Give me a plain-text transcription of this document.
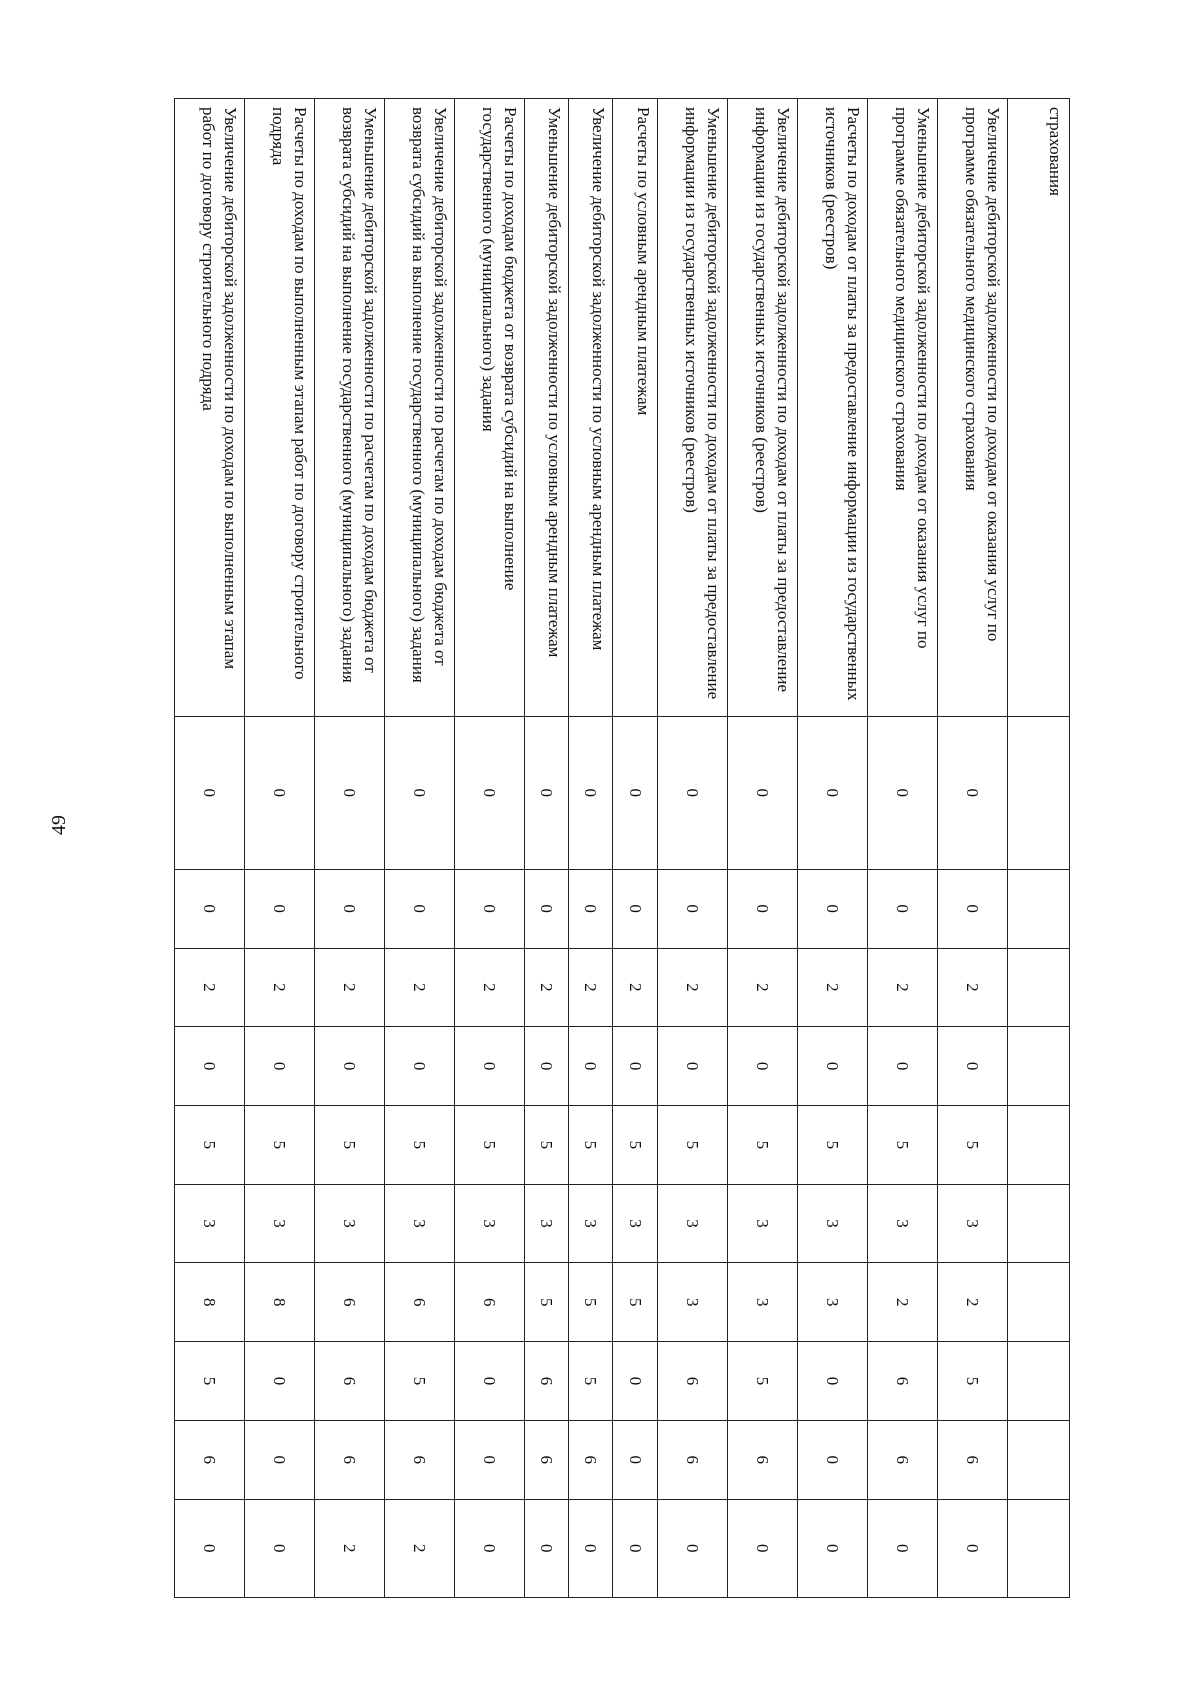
49
страхования										
Увеличение дебиторской задолженности по доходам от оказания услуг по программе обязательного медицинского страхования	0	0	2	0	5	3	2	5	6	0
Уменьшение дебиторской задолженности по доходам от оказания услуг по программе обязательного медицинского страхования	0	0	2	0	5	3	2	6	6	0
Расчеты по доходам от платы за предоставление информации из государственных источников (реестров)	0	0	2	0	5	3	3	0	0	0
Увеличение дебиторской задолженности по доходам от платы за предоставление информации из государственных источников (реестров)	0	0	2	0	5	3	3	5	6	0
Уменьшение дебиторской задолженности по доходам от платы за предоставление информации из государственных источников (реестров)	0	0	2	0	5	3	3	6	6	0
Расчеты по условным арендным платежам	0	0	2	0	5	3	5	0	0	0
Увеличение дебиторской задолженности по условным арендным платежам	0	0	2	0	5	3	5	5	6	0
Уменьшение дебиторской задолженности по условным арендным платежам	0	0	2	0	5	3	5	6	6	0
Расчеты по доходам бюджета от возврата субсидий на выполнение государственного (муниципального) задания	0	0	2	0	5	3	6	0	0	0
Увеличение дебиторской задолженности по расчетам по доходам бюджета от возврата субсидий на выполнение государственного (муниципального) задания	0	0	2	0	5	3	6	5	6	2
Уменьшение дебиторской задолженности по расчетам по доходам бюджета от возврата субсидий на выполнение государственного (муниципального) задания	0	0	2	0	5	3	6	6	6	2
Расчеты по доходам по выполненным этапам работ по договору строительного подряда	0	0	2	0	5	3	8	0	0	0
Увеличение дебиторской задолженности по доходам по выполненным этапам работ по договору строительного подряда	0	0	2	0	5	3	8	5	6	0
